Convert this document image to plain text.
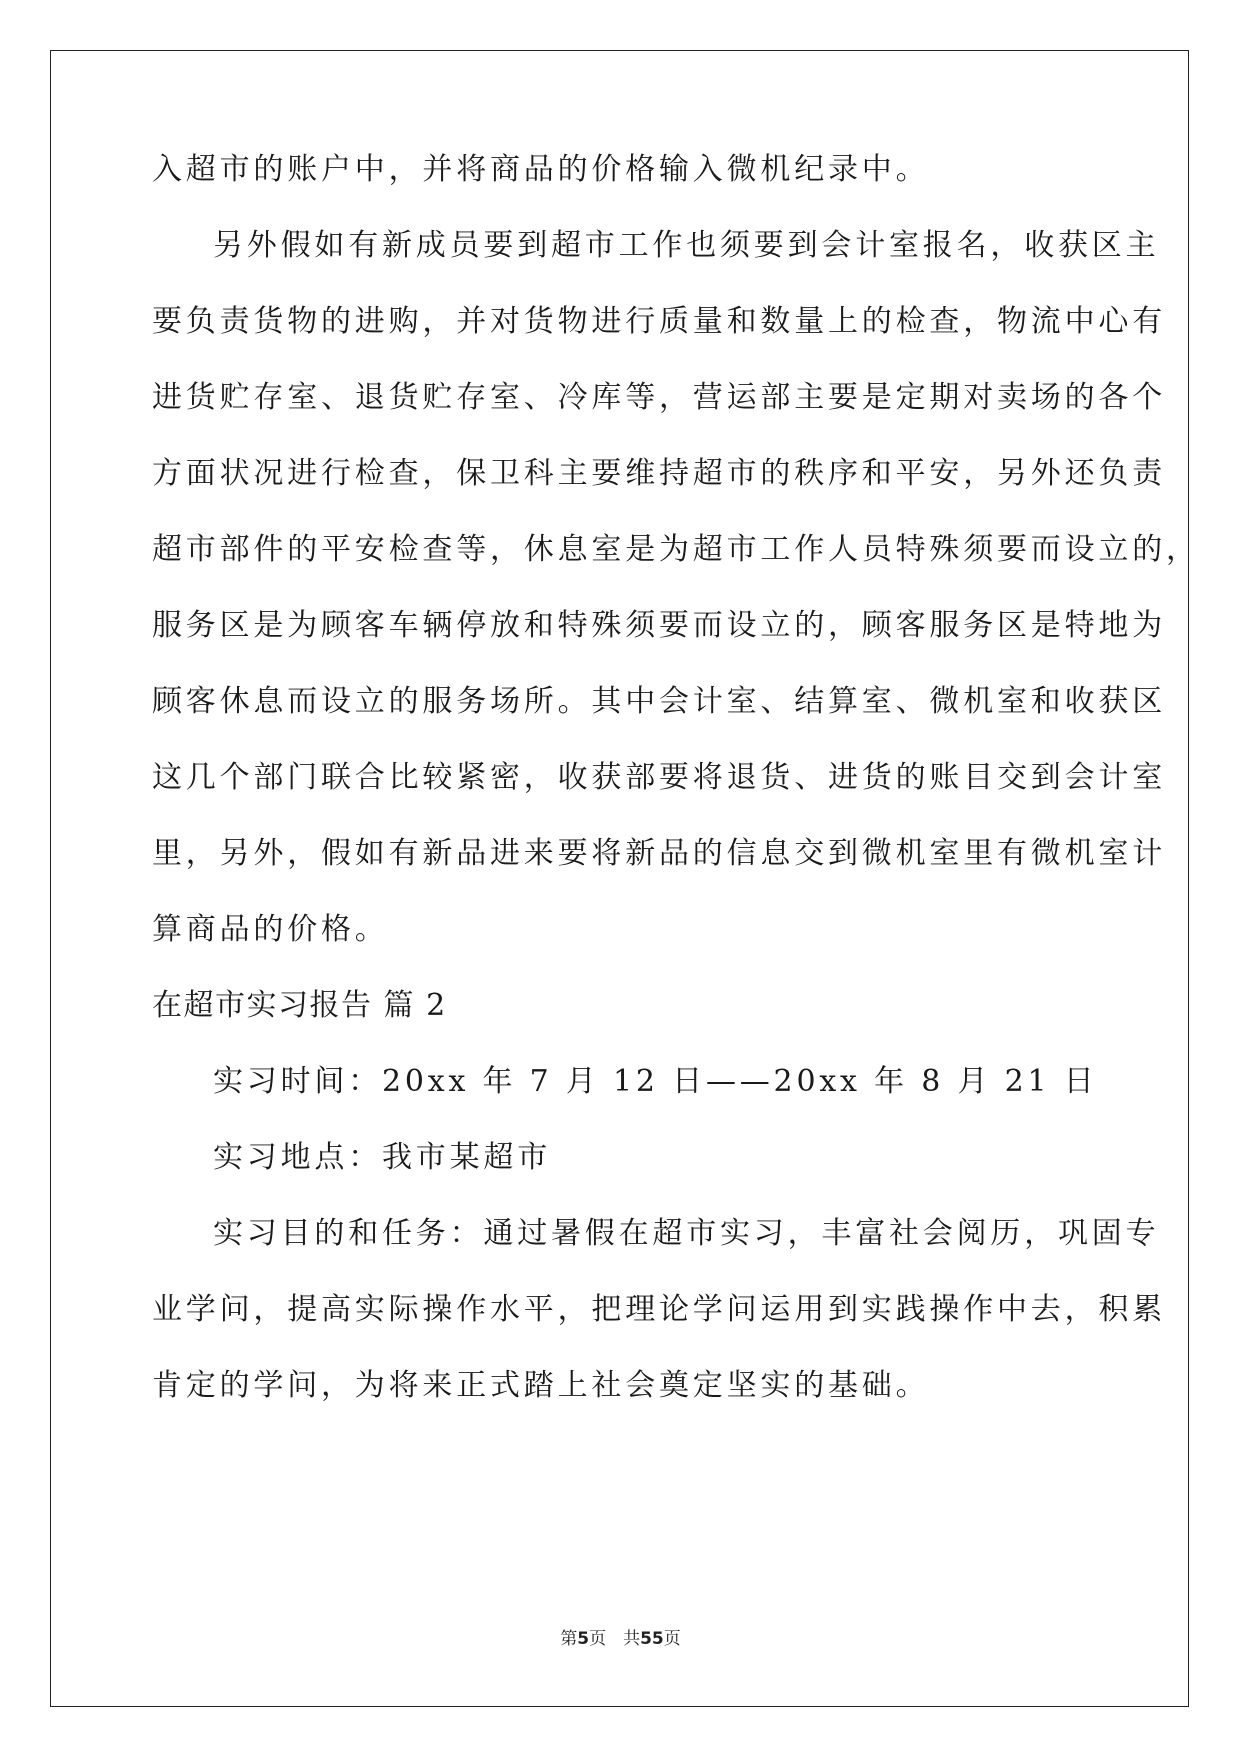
入超市的账户中，并将商品的价格输入微机纪录中。
另外假如有新成员要到超市工作也须要到会计室报名，收获区主
要负责货物的进购，并对货物进行质量和数量上的检查，物流中心有
进货贮存室、退货贮存室、冷库等，营运部主要是定期对卖场的各个
方面状况进行检查，保卫科主要维持超市的秩序和平安，另外还负责
超市部件的平安检查等，休息室是为超市工作人员特殊须要而设立的，
服务区是为顾客车辆停放和特殊须要而设立的，顾客服务区是特地为
顾客休息而设立的服务场所。其中会计室、结算室、微机室和收获区
这几个部门联合比较紧密，收获部要将退货、进货的账目交到会计室
里，另外，假如有新品进来要将新品的信息交到微机室里有微机室计
算商品的价格。
在超市实习报告 篇 2
实习时间：20xx 年 7 月 12 日——20xx 年 8 月 21 日
实习地点：我市某超市
实习目的和任务：通过暑假在超市实习，丰富社会阅历，巩固专
业学问，提高实际操作水平，把理论学问运用到实践操作中去，积累
肯定的学问，为将来正式踏上社会奠定坚实的基础。
第5页　共55页
